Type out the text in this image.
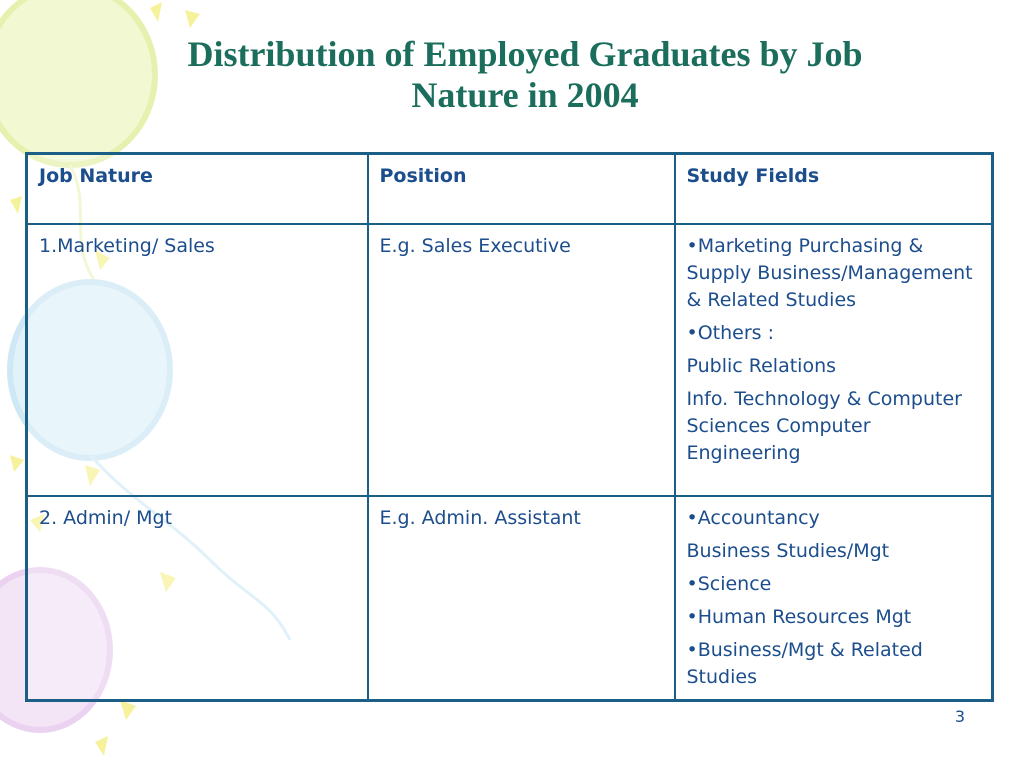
Distribution of Employed Graduates by Job
Nature in 2004
Job Nature	Position	Study Fields
1.Marketing/ Sales	E.g. Sales Executive	•Marketing Purchasing & Supply Business/Management & Related Studies

•Others :

Public Relations

Info. Technology & Computer Sciences Computer Engineering

2. Admin/ Mgt	E.g. Admin. Assistant	•Accountancy

Business Studies/Mgt

•Science

•Human Resources Mgt

•Business/Mgt & Related Studies

3
